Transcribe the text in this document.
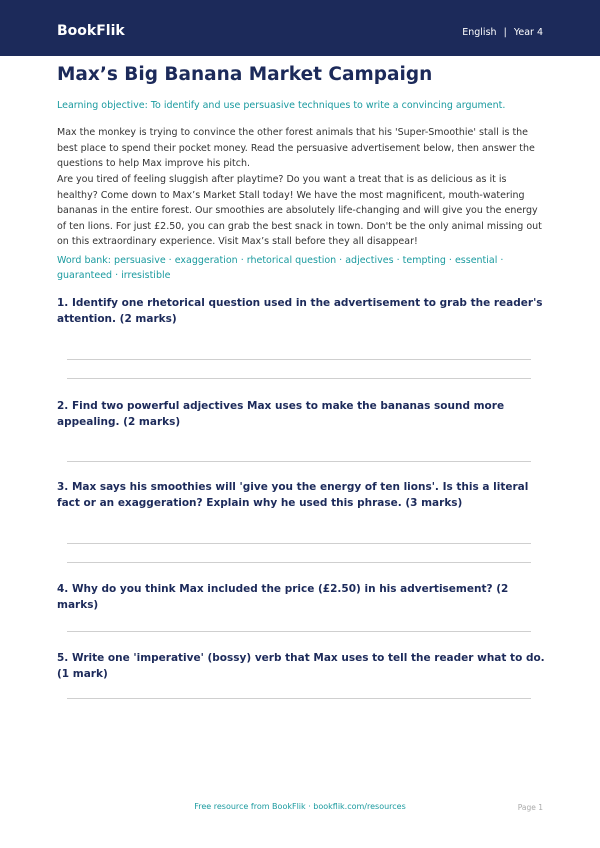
BookFlik	English | Year 4
Max’s Big Banana Market Campaign
Learning objective: To identify and use persuasive techniques to write a convincing argument.

Max the monkey is trying to convince the other forest animals that his 'Super-Smoothie' stall is the best place to spend their pocket money. Read the persuasive advertisement below, then answer the questions to help Max improve his pitch.

Are you tired of feeling sluggish after playtime? Do you want a treat that is as delicious as it is healthy? Come down to Max’s Market Stall today! We have the most magnificent, mouth-watering bananas in the entire forest. Our smoothies are absolutely life-changing and will give you the energy of ten lions. For just £2.50, you can grab the best snack in town. Don't be the only animal missing out on this extraordinary experience. Visit Max’s stall before they all disappear!

Word bank: persuasive · exaggeration · rhetorical question · adjectives · tempting · essential · guaranteed · irresistible
1. Identify one rhetorical question used in the advertisement to grab the reader's attention. (2 marks)
2. Find two powerful adjectives Max uses to make the bananas sound more appealing. (2 marks)
3. Max says his smoothies will 'give you the energy of ten lions'. Is this a literal fact or an exaggeration? Explain why he used this phrase. (3 marks)
4. Why do you think Max included the price (£2.50) in his advertisement? (2 marks)
5. Write one 'imperative' (bossy) verb that Max uses to tell the reader what to do. (1 mark)
Free resource from BookFlik · bookflik.com/resources	Page 1
